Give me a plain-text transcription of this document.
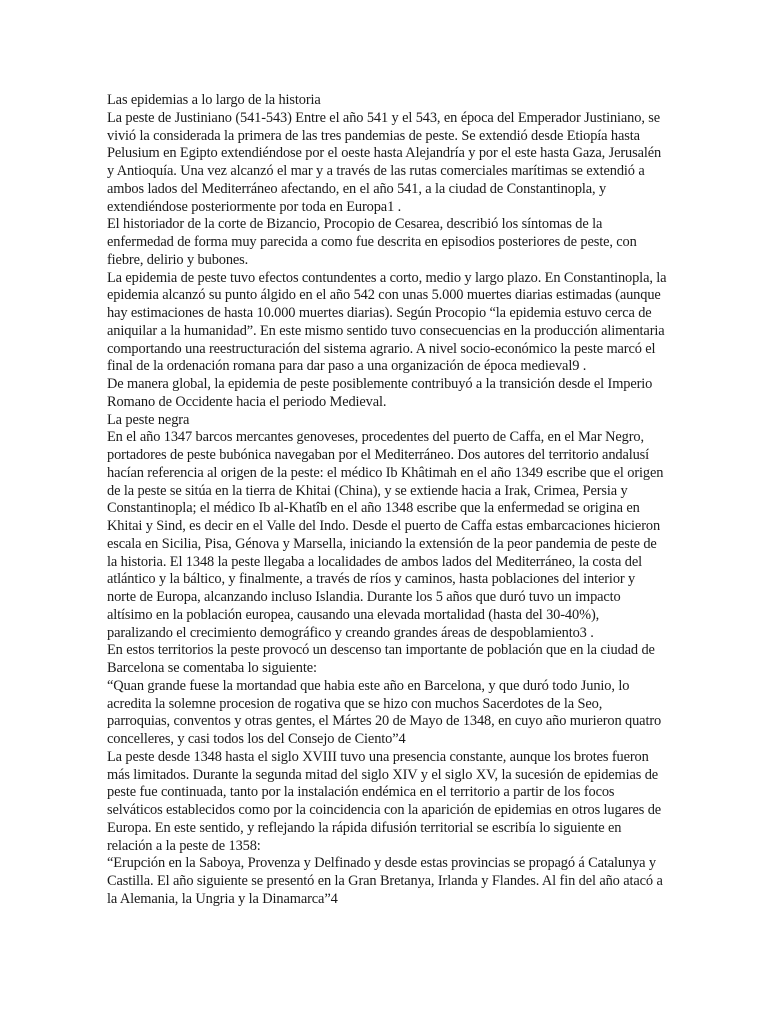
Las epidemias a lo largo de la historia

La peste de Justiniano (541-543) Entre el año 541 y el 543, en época del Emperador Justiniano, se vivió la considerada la primera de las tres pandemias de peste. Se extendió desde Etiopía hasta Pelusium en Egipto extendiéndose por el oeste hasta Alejandría y por el este hasta Gaza, Jerusalén y Antioquía. Una vez alcanzó el mar y a través de las rutas comerciales marítimas se extendió a ambos lados del Mediterráneo afectando, en el año 541, a la ciudad de Constantinopla, y extendiéndose posteriormente por toda en Europa1 .

El historiador de la corte de Bizancio, Procopio de Cesarea, describió los síntomas de la enfermedad de forma muy parecida a como fue descrita en episodios posteriores de peste, con fiebre, delirio y bubones.

La epidemia de peste tuvo efectos contundentes a corto, medio y largo plazo. En Constantinopla, la epidemia alcanzó su punto álgido en el año 542 con unas 5.000 muertes diarias estimadas (aunque hay estimaciones de hasta 10.000 muertes diarias). Según Procopio “la epidemia estuvo cerca de aniquilar a la humanidad”. En este mismo sentido tuvo consecuencias en la producción alimentaria comportando una reestructuración del sistema agrario. A nivel socio-económico la peste marcó el final de la ordenación romana para dar paso a una organización de época medieval9 .

De manera global, la epidemia de peste posiblemente contribuyó a la transición desde el Imperio Romano de Occidente hacia el periodo Medieval.

La peste negra

En el año 1347 barcos mercantes genoveses, procedentes del puerto de Caffa, en el Mar Negro, portadores de peste bubónica navegaban por el Mediterráneo. Dos autores del territorio andalusí hacían referencia al origen de la peste: el médico Ib Khâtimah en el año 1349 escribe que el origen de la peste se sitúa en la tierra de Khitai (China), y se extiende hacia a Irak, Crimea, Persia y Constantinopla; el médico Ib al-Khatîb en el año 1348 escribe que la enfermedad se origina en Khitai y Sind, es decir en el Valle del Indo. Desde el puerto de Caffa estas embarcaciones hicieron escala en Sicilia, Pisa, Génova y Marsella, iniciando la extensión de la peor pandemia de peste de la historia. El 1348 la peste llegaba a localidades de ambos lados del Mediterráneo, la costa del atlántico y la báltico, y finalmente, a través de ríos y caminos, hasta poblaciones del interior y norte de Europa, alcanzando incluso Islandia. Durante los 5 años que duró tuvo un impacto altísimo en la población europea, causando una elevada mortalidad (hasta del 30-40%), paralizando el crecimiento demográfico y creando grandes áreas de despoblamiento3 .

En estos territorios la peste provocó un descenso tan importante de población que en la ciudad de Barcelona se comentaba lo siguiente:

“Quan grande fuese la mortandad que habia este año en Barcelona, y que duró todo Junio, lo acredita la solemne procesion de rogativa que se hizo con muchos Sacerdotes de la Seo, parroquias, conventos y otras gentes, el Mártes 20 de Mayo de 1348, en cuyo año murieron quatro concelleres, y casi todos los del Consejo de Ciento”4

La peste desde 1348 hasta el siglo XVIII tuvo una presencia constante, aunque los brotes fueron más limitados. Durante la segunda mitad del siglo XIV y el siglo XV, la sucesión de epidemias de peste fue continuada, tanto por la instalación endémica en el territorio a partir de los focos selváticos establecidos como por la coincidencia con la aparición de epidemias en otros lugares de Europa. En este sentido, y reflejando la rápida difusión territorial se escribía lo siguiente en relación a la peste de 1358:

“Erupción en la Saboya, Provenza y Delfinado y desde estas provincias se propagó á Catalunya y Castilla. El año siguiente se presentó en la Gran Bretanya, Irlanda y Flandes. Al fin del año atacó a la Alemania, la Ungria y la Dinamarca”4
